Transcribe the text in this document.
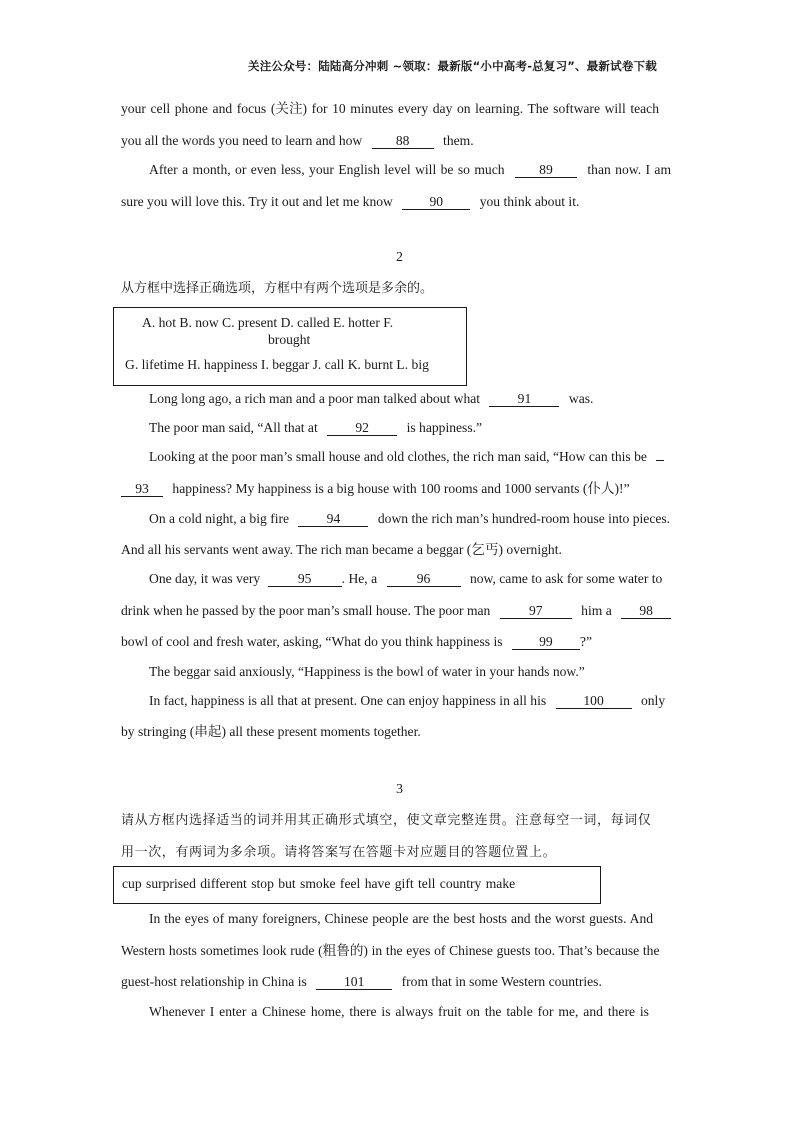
关注公众号：陆陆高分冲刺 ~领取：最新版“小中高考-总复习”、最新试卷下载
your cell phone and focus (关注) for 10 minutes every day on learning. The software will teach
you all the words you need to learn and how 88 them.
After a month, or even less, your English level will be so much	89	than now. I am
sure you will love this. Try it out and let me know	90	you think about it.
2
从方框中选择正确选项，方框中有两个选项是多余的。
A. hot B. now C. present D. called E. hotter F.
brought
G. lifetime H. happiness I. beggar J. call K. burnt L. big
Long long ago, a rich man and a poor man talked about what	91	was.
The poor man said, “All that at	92	is happiness.”
Looking at the poor man’s small house and old clothes, the rich man said, “How can this be
93 happiness? My happiness is a big house with 100 rooms and 1000 servants (仆人)!”
On a cold night, a big fire	94	down the rich man’s hundred-room house into pieces.
And all his servants went away. The rich man became a beggar (乞丐) overnight.
One day, it was very	95 . He, a	96	now, came to ask for some water to
drink when he passed by the poor man’s small house. The poor man	97	him a 98
bowl of cool and fresh water, asking, “What do you think happiness is	99 ?”
The beggar said anxiously, “Happiness is the bowl of water in your hands now.”
In fact, happiness is all that at present. One can enjoy happiness in all his	100	only
by stringing (串起) all these present moments together.
3
请从方框内选择适当的词并用其正确形式填空，使文章完整连贯。注意每空一词，每词仅
用一次，有两词为多余项。请将答案写在答题卡对应题目的答题位置上。
cup surprised different stop but smoke feel have gift tell country make
In the eyes of many foreigners, Chinese people are the best hosts and the worst guests. And
Western hosts sometimes look rude (粗鲁的) in the eyes of Chinese guests too. That’s because the
guest-host relationship in China is	101	from that in some Western countries.
Whenever I enter a Chinese home, there is always fruit on the table for me, and there is
